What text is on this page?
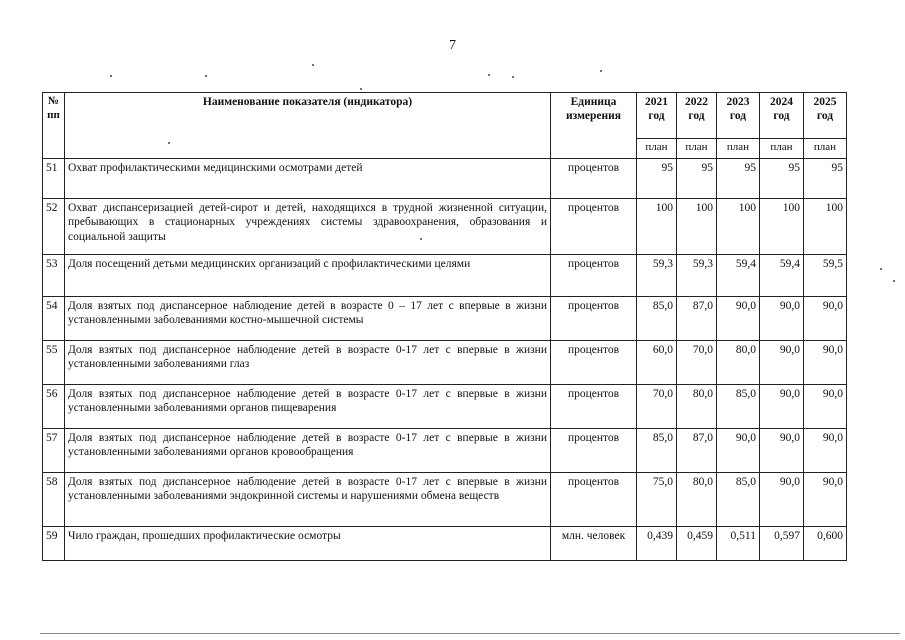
7
№ пп	Наименование показателя (индикатора)	Единица измерения	2021 год	2022 год	2023 год	2024 год	2025 год
			план	план	план	план	план
51	Охват профилактическими медицинскими осмотрами детей	процентов	95	95	95	95	95
52	Охват диспансеризацией детей-сирот и детей, находящихся в трудной жизненной ситуации, пребывающих в стационарных учреждениях системы здравоохранения, образования и социальной защиты	процентов	100	100	100	100	100
53	Доля посещений детьми медицинских организаций с профилактическими целями	процентов	59,3	59,3	59,4	59,4	59,5
54	Доля взятых под диспансерное наблюдение детей в возрасте 0 – 17 лет с впервые в жизни установленными заболеваниями костно-мышечной системы	процентов	85,0	87,0	90,0	90,0	90,0
55	Доля взятых под диспансерное наблюдение детей в возрасте 0-17 лет с впервые в жизни установленными заболеваниями глаз	процентов	60,0	70,0	80,0	90,0	90,0
56	Доля взятых под диспансерное наблюдение детей в возрасте 0-17 лет с впервые в жизни установленными заболеваниями органов пищеварения	процентов	70,0	80,0	85,0	90,0	90,0
57	Доля взятых под диспансерное наблюдение детей в возрасте 0-17 лет с впервые в жизни установленными заболеваниями органов кровообращения	процентов	85,0	87,0	90,0	90,0	90,0
58	Доля взятых под диспансерное наблюдение детей в возрасте 0-17 лет с впервые в жизни установленными заболеваниями эндокринной системы и нарушениями обмена веществ	процентов	75,0	80,0	85,0	90,0	90,0
59	Чило граждан, прошедших профилактические осмотры	млн. человек	0,439	0,459	0,511	0,597	0,600
